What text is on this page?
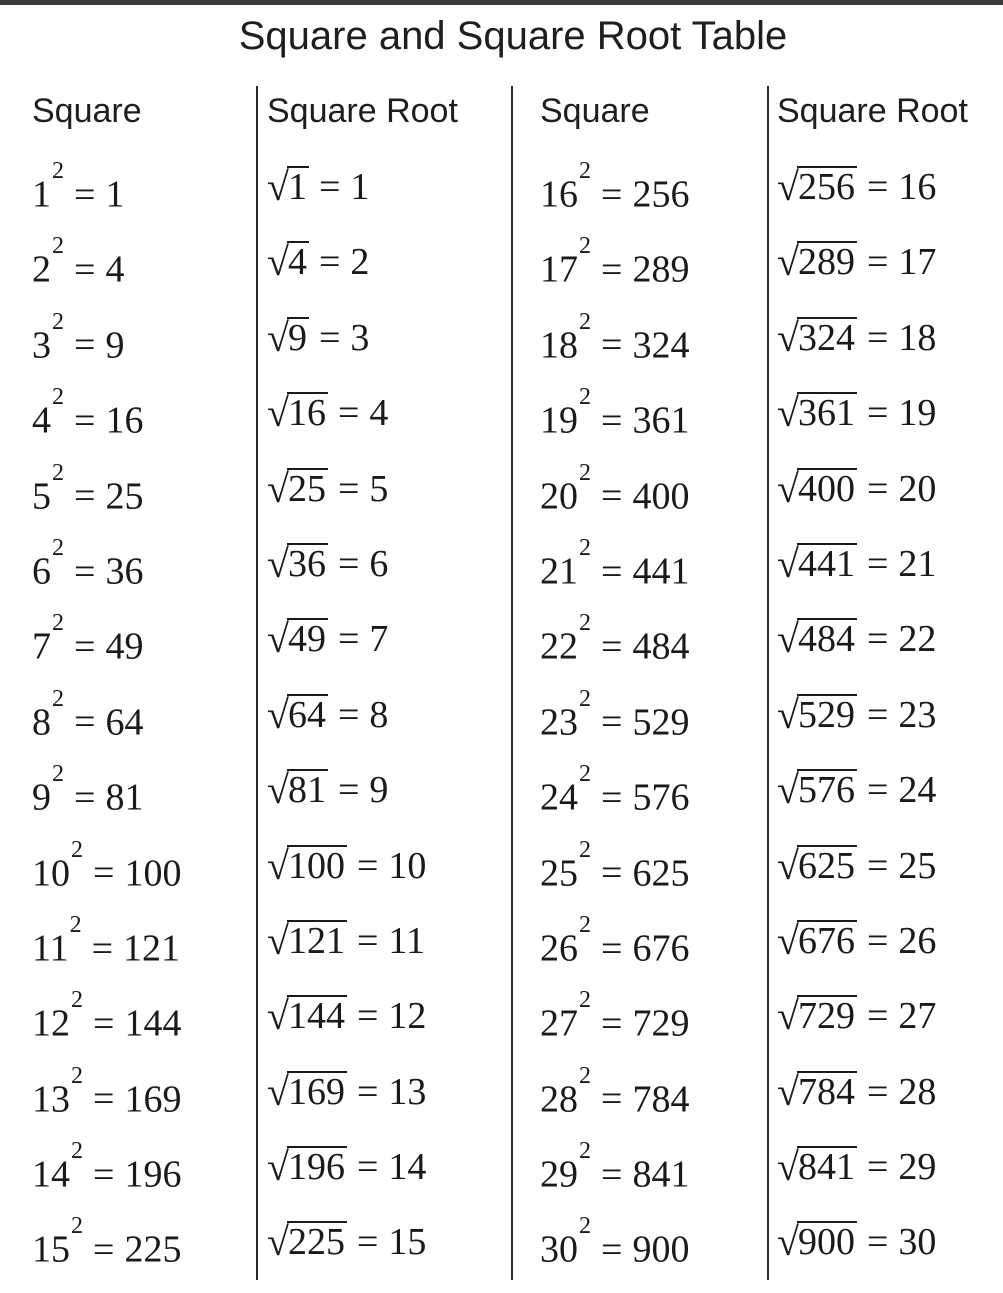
Square and Square Root Table
Square
$1^2= 1$
$2^2= 4$
$3^2= 9$
$4^2= 16$
$5^2= 25$
$6^2= 36$
$7^2= 49$
$8^2= 64$
$9^2= 81$
$10^2= 100$
$11^2= 121$
$12^2= 144$
$13^2= 169$
$14^2= 196$
$15^2= 225$
Square Root
√1 = 1
√4 = 2
√9 = 3
√16 = 4
√25 = 5
√36 = 6
√49 = 7
√64 = 8
√81 = 9
√100 = 10
√121 = 11
√144 = 12
√169 = 13
√196 = 14
√225 = 15
Square
$16^2= 256$
$17^2= 289$
$18^2= 324$
$19^2= 361$
$20^2= 400$
$21^2= 441$
$22^2= 484$
$23^2= 529$
$24^2= 576$
$25^2= 625$
$26^2= 676$
$27^2= 729$
$28^2= 784$
$29^2= 841$
$30^2= 900$
Square Root
√256 = 16
√289 = 17
√324 = 18
√361 = 19
√400 = 20
√441 = 21
√484 = 22
√529 = 23
√576 = 24
√625 = 25
√676 = 26
√729 = 27
√784 = 28
√841 = 29
√900 = 30
